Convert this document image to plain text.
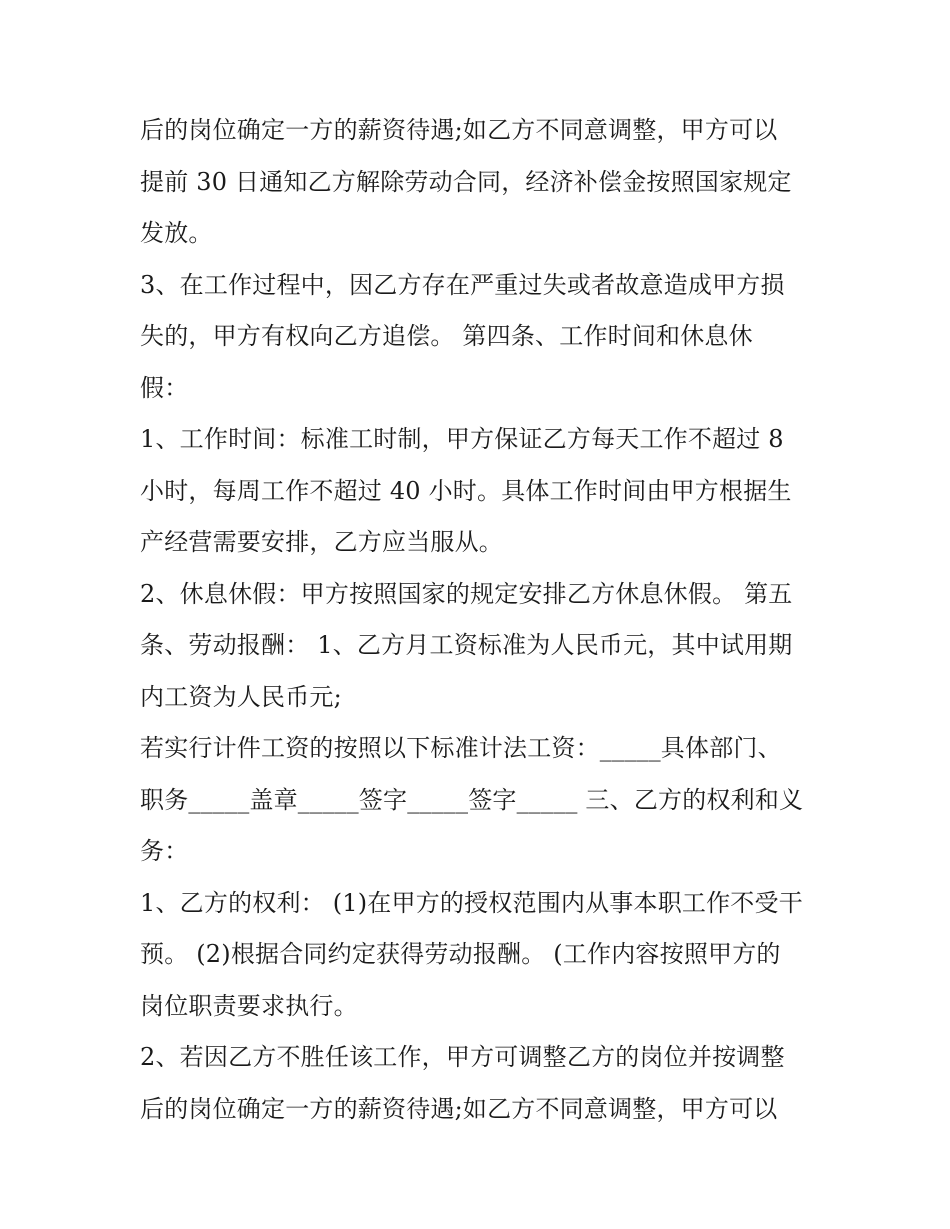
后的岗位确定一方的薪资待遇;如乙方不同意调整，甲方可以
提前 30 日通知乙方解除劳动合同，经济补偿金按照国家规定
发放。
3、在工作过程中，因乙方存在严重过失或者故意造成甲方损
失的，甲方有权向乙方追偿。 第四条、工作时间和休息休
假：
1、工作时间：标准工时制，甲方保证乙方每天工作不超过 8
小时，每周工作不超过 40 小时。具体工作时间由甲方根据生
产经营需要安排，乙方应当服从。
2、休息休假：甲方按照国家的规定安排乙方休息休假。 第五
条、劳动报酬： 1、乙方月工资标准为人民币元，其中试用期
内工资为人民币元;
若实行计件工资的按照以下标准计法工资：_____具体部门、
职务_____盖章_____签字_____签字_____ 三、乙方的权利和义
务：
1、乙方的权利： (1)在甲方的授权范围内从事本职工作不受干
预。 (2)根据合同约定获得劳动报酬。 (工作内容按照甲方的
岗位职责要求执行。
2、若因乙方不胜任该工作，甲方可调整乙方的岗位并按调整
后的岗位确定一方的薪资待遇;如乙方不同意调整，甲方可以
